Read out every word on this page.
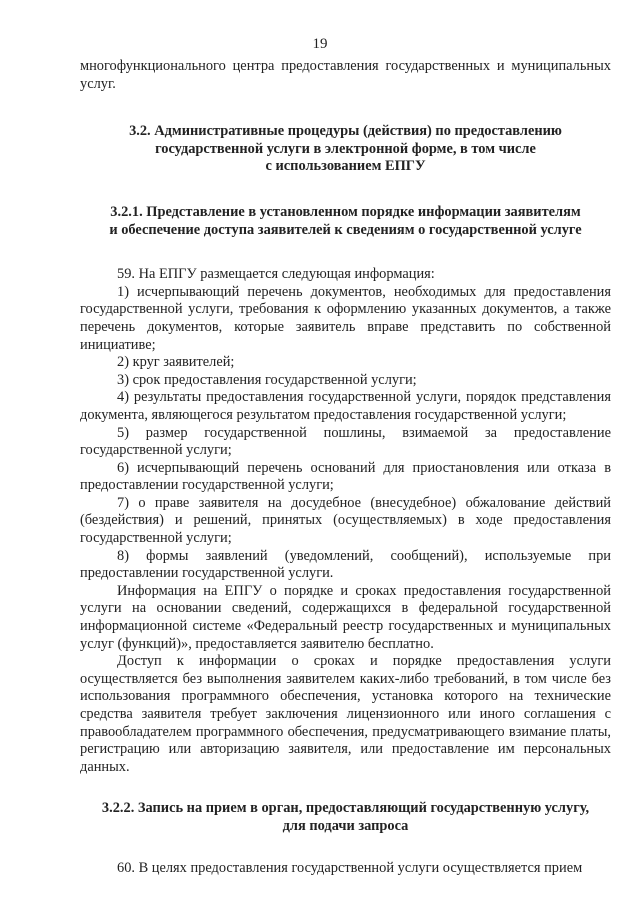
19

многофункционального центра предоставления государственных и муниципальных услуг.

3.2. Административные процедуры (действия) по предоставлению
государственной услуги в электронной форме, в том числе
с использованием ЕПГУ

3.2.1. Представление в установленном порядке информации заявителям
и обеспечение доступа заявителей к сведениям о государственной услуге

59. На ЕПГУ размещается следующая информация:

1) исчерпывающий перечень документов, необходимых для предоставления государственной услуги, требования к оформлению указанных документов, а также перечень документов, которые заявитель вправе представить по собственной инициативе;

2) круг заявителей;

3) срок предоставления государственной услуги;

4) результаты предоставления государственной услуги, порядок представления документа, являющегося результатом предоставления государственной услуги;

5) размер государственной пошлины, взимаемой за предоставление государственной услуги;

6) исчерпывающий перечень оснований для приостановления или отказа в предоставлении государственной услуги;

7) о праве заявителя на досудебное (внесудебное) обжалование действий (бездействия) и решений, принятых (осуществляемых) в ходе предоставления государственной услуги;

8) формы заявлений (уведомлений, сообщений), используемые при предоставлении государственной услуги.

Информация на ЕПГУ о порядке и сроках предоставления государственной услуги на основании сведений, содержащихся в федеральной государственной информационной системе «Федеральный реестр государственных и муниципальных услуг (функций)», предоставляется заявителю бесплатно.

Доступ к информации о сроках и порядке предоставления услуги осуществляется без выполнения заявителем каких-либо требований, в том числе без использования программного обеспечения, установка которого на технические средства заявителя требует заключения лицензионного или иного соглашения с правообладателем программного обеспечения, предусматривающего взимание платы, регистрацию или авторизацию заявителя, или предоставление им персональных данных.

3.2.2. Запись на прием в орган, предоставляющий государственную услугу,
для подачи запроса

60. В целях предоставления государственной услуги осуществляется прием
